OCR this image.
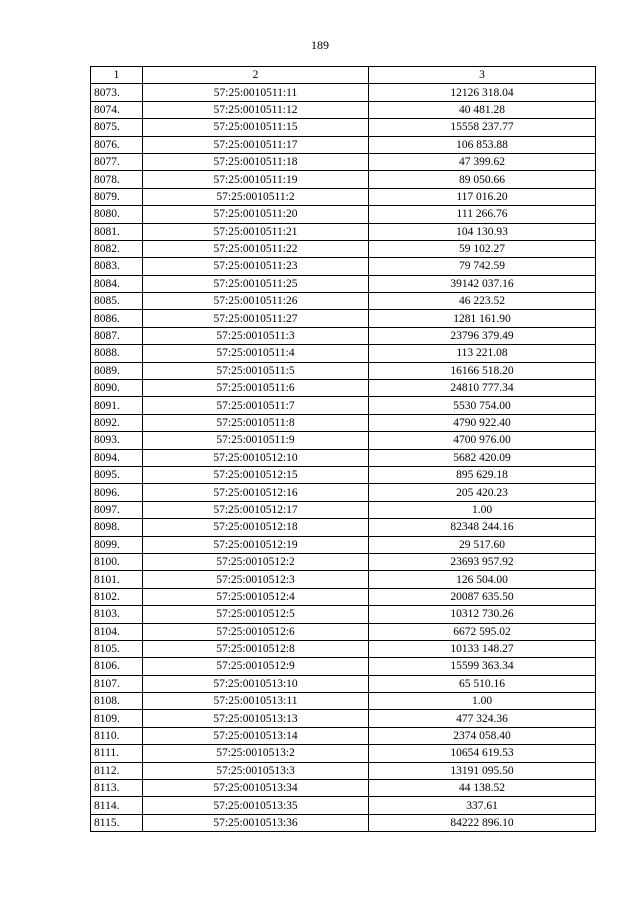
189
1	2	3
8073.	57:25:0010511:11	12126 318.04
8074.	57:25:0010511:12	40 481.28
8075.	57:25:0010511:15	15558 237.77
8076.	57:25:0010511:17	106 853.88
8077.	57:25:0010511:18	47 399.62
8078.	57:25:0010511:19	89 050.66
8079.	57:25:0010511:2	117 016.20
8080.	57:25:0010511:20	111 266.76
8081.	57:25:0010511:21	104 130.93
8082.	57:25:0010511:22	59 102.27
8083.	57:25:0010511:23	79 742.59
8084.	57:25:0010511:25	39142 037.16
8085.	57:25:0010511:26	46 223.52
8086.	57:25:0010511:27	1281 161.90
8087.	57:25:0010511:3	23796 379.49
8088.	57:25:0010511:4	113 221.08
8089.	57:25:0010511:5	16166 518.20
8090.	57:25:0010511:6	24810 777.34
8091.	57:25:0010511:7	5530 754.00
8092.	57:25:0010511:8	4790 922.40
8093.	57:25:0010511:9	4700 976.00
8094.	57:25:0010512:10	5682 420.09
8095.	57:25:0010512:15	895 629.18
8096.	57:25:0010512:16	205 420.23
8097.	57:25:0010512:17	1.00
8098.	57:25:0010512:18	82348 244.16
8099.	57:25:0010512:19	29 517.60
8100.	57:25:0010512:2	23693 957.92
8101.	57:25:0010512:3	126 504.00
8102.	57:25:0010512:4	20087 635.50
8103.	57:25:0010512:5	10312 730.26
8104.	57:25:0010512:6	6672 595.02
8105.	57:25:0010512:8	10133 148.27
8106.	57:25:0010512:9	15599 363.34
8107.	57:25:0010513:10	65 510.16
8108.	57:25:0010513:11	1.00
8109.	57:25:0010513:13	477 324.36
8110.	57:25:0010513:14	2374 058.40
8111.	57:25:0010513:2	10654 619.53
8112.	57:25:0010513:3	13191 095.50
8113.	57:25:0010513:34	44 138.52
8114.	57:25:0010513:35	337.61
8115.	57:25:0010513:36	84222 896.10
